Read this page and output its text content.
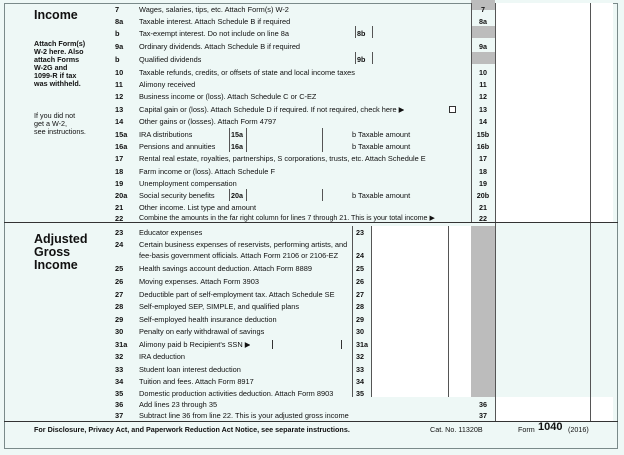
Income
Adjusted
Gross
Income
Attach Form(s)
W-2 here. Also
attach Forms
W-2G and
1099-R if tax
was withheld.
If you did not
get a W-2,
see instructions.
7	Wages, salaries, tips, etc. Attach Form(s) W-2	7
8a	Taxable interest. Attach Schedule B if required	8a
b	Tax-exempt interest. Do not include on line 8a	8b
9a	Ordinary dividends. Attach Schedule B if required	9a
b	Qualified dividends	9b
10	Taxable refunds, credits, or offsets of state and local income taxes	10
11	Alimony received	11
12	Business income or (loss). Attach Schedule C or C-EZ	12
13	Capital gain or (loss). Attach Schedule D if required. If not required, check here ▶	13
14	Other gains or (losses). Attach Form 4797	14
15a	IRA distributions	15a	b Taxable amount	15b
16a	Pensions and annuities 16a	b Taxable amount	16b
17	Rental real estate, royalties, partnerships, S corporations, trusts, etc. Attach Schedule E	17
18	Farm income or (loss). Attach Schedule F	18
19	Unemployment compensation	19
20a	Social security benefits 20a	b Taxable amount	20b
21	Other income. List type and amount	21
22	Combine the amounts in the far right column for lines 7 through 21. This is your total income ▶	22
23	Educator expenses	23
24	Certain business expenses of reservists, performing artists, and
fee-basis government officials. Attach Form 2106 or 2106-EZ 24
25	Health savings account deduction. Attach Form 8889	25
26	Moving expenses. Attach Form 3903	26
27	Deductible part of self-employment tax. Attach Schedule SE	27
28	Self-employed SEP, SIMPLE, and qualified plans	28
29	Self-employed health insurance deduction	29
30	Penalty on early withdrawal of savings	30
31a	Alimony paid b Recipient's SSN ▶	31a
32	IRA deduction	32
33	Student loan interest deduction	33
34	Tuition and fees. Attach Form 8917	34
35	Domestic production activities deduction. Attach Form 8903	35
36	Add lines 23 through 35	36
37	Subtract line 36 from line 22. This is your adjusted gross income	37
For Disclosure, Privacy Act, and Paperwork Reduction Act Notice, see separate instructions.	Cat. No. 11320B	Form 1040 (2016)
